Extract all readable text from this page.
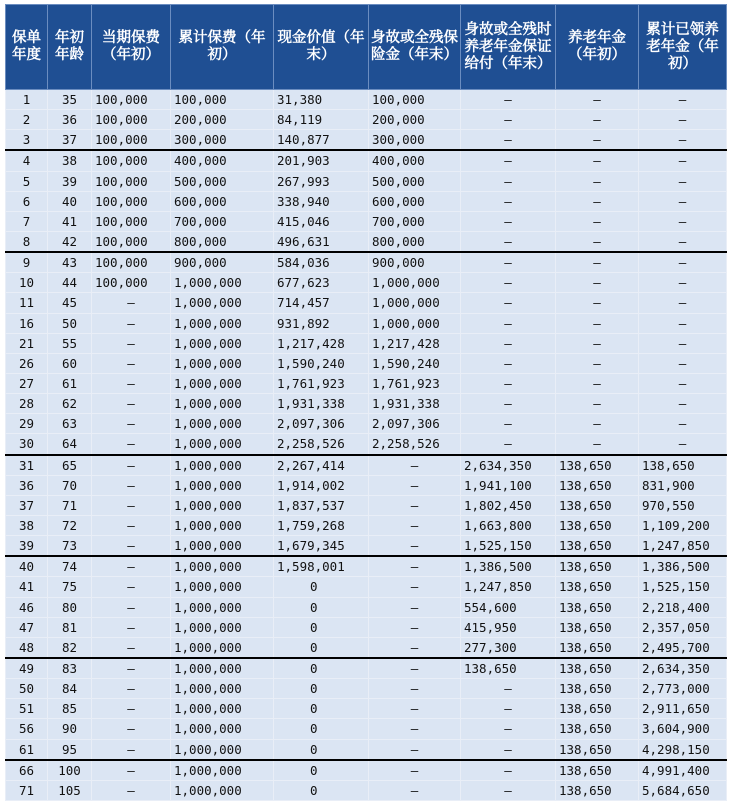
保单年度	年初年龄	当期保费（年初）	累计保费（年初）	现金价值（年末）	身故或全残保险金（年末）	身故或全残时养老年金保证给付（年末）	养老年金（年初）	累计已领养老年金（年初）
1	35	100,000	100,000	31,380	100,000	–	–	–
2	36	100,000	200,000	84,119	200,000	–	–	–
3	37	100,000	300,000	140,877	300,000	–	–	–
4	38	100,000	400,000	201,903	400,000	–	–	–
5	39	100,000	500,000	267,993	500,000	–	–	–
6	40	100,000	600,000	338,940	600,000	–	–	–
7	41	100,000	700,000	415,046	700,000	–	–	–
8	42	100,000	800,000	496,631	800,000	–	–	–
9	43	100,000	900,000	584,036	900,000	–	–	–
10	44	100,000	1,000,000	677,623	1,000,000	–	–	–
11	45	–	1,000,000	714,457	1,000,000	–	–	–
16	50	–	1,000,000	931,892	1,000,000	–	–	–
21	55	–	1,000,000	1,217,428	1,217,428	–	–	–
26	60	–	1,000,000	1,590,240	1,590,240	–	–	–
27	61	–	1,000,000	1,761,923	1,761,923	–	–	–
28	62	–	1,000,000	1,931,338	1,931,338	–	–	–
29	63	–	1,000,000	2,097,306	2,097,306	–	–	–
30	64	–	1,000,000	2,258,526	2,258,526	–	–	–
31	65	–	1,000,000	2,267,414	–	2,634,350	138,650	138,650
36	70	–	1,000,000	1,914,002	–	1,941,100	138,650	831,900
37	71	–	1,000,000	1,837,537	–	1,802,450	138,650	970,550
38	72	–	1,000,000	1,759,268	–	1,663,800	138,650	1,109,200
39	73	–	1,000,000	1,679,345	–	1,525,150	138,650	1,247,850
40	74	–	1,000,000	1,598,001	–	1,386,500	138,650	1,386,500
41	75	–	1,000,000	0	–	1,247,850	138,650	1,525,150
46	80	–	1,000,000	0	–	554,600	138,650	2,218,400
47	81	–	1,000,000	0	–	415,950	138,650	2,357,050
48	82	–	1,000,000	0	–	277,300	138,650	2,495,700
49	83	–	1,000,000	0	–	138,650	138,650	2,634,350
50	84	–	1,000,000	0	–	–	138,650	2,773,000
51	85	–	1,000,000	0	–	–	138,650	2,911,650
56	90	–	1,000,000	0	–	–	138,650	3,604,900
61	95	–	1,000,000	0	–	–	138,650	4,298,150
66	100	–	1,000,000	0	–	–	138,650	4,991,400
71	105	–	1,000,000	0	–	–	138,650	5,684,650
